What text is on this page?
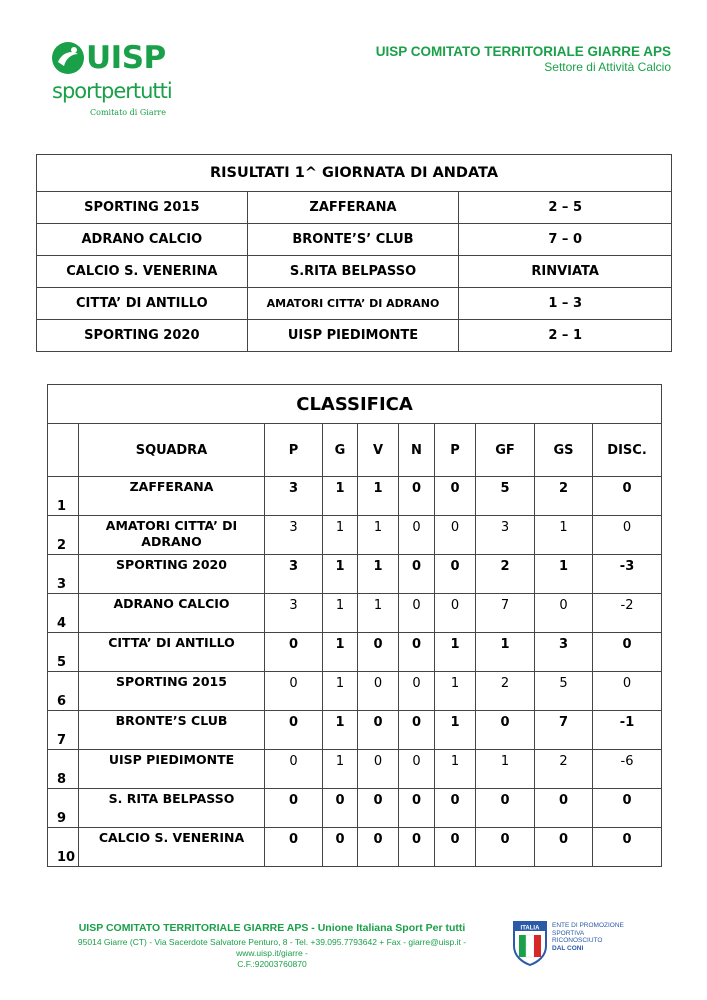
UISP
sportpertutti
Comitato di Giarre
UISP COMITATO TERRITORIALE GIARRE APS
Settore di Attività Calcio
RISULTATI 1^ GIORNATA DI ANDATA		
SPORTING 2015	ZAFFERANA	2 – 5
ADRANO CALCIO	BRONTE’S’ CLUB	7 – 0
CALCIO S. VENERINA	S.RITA BELPASSO	RINVIATA
CITTA’ DI ANTILLO	AMATORI CITTA’ DI ADRANO	1 – 3
SPORTING 2020	UISP PIEDIMONTE	2 – 1
CLASSIFICA									
	SQUADRA	P	G	V	N	P	GF	GS	DISC.
1	ZAFFERANA	3	1	1	0	0	5	2	0
2	AMATORI CITTA’ DI ADRANO	3	1	1	0	0	3	1	0
3	SPORTING 2020	3	1	1	0	0	2	1	-3
4	ADRANO CALCIO	3	1	1	0	0	7	0	-2
5	CITTA’ DI ANTILLO	0	1	0	0	1	1	3	0
6	SPORTING 2015	0	1	0	0	1	2	5	0
7	BRONTE’S CLUB	0	1	0	0	1	0	7	-1
8	UISP PIEDIMONTE	0	1	0	0	1	1	2	-6
9	S. RITA BELPASSO	0	0	0	0	0	0	0	0
10	CALCIO S. VENERINA	0	0	0	0	0	0	0	0
UISP COMITATO TERRITORIALE GIARRE APS - Unione Italiana Sport Per tutti
95014 Giarre (CT) - Via Sacerdote Salvatore Penturo, 8 - Tel. +39.095.7793642 + Fax - giarre@uisp.it - www.uisp.it/giarre -
C.F.:92003760870
ITALIA ENTE DI PROMOZIONE
SPORTIVA
RICONOSCIUTO
DAL CONI
